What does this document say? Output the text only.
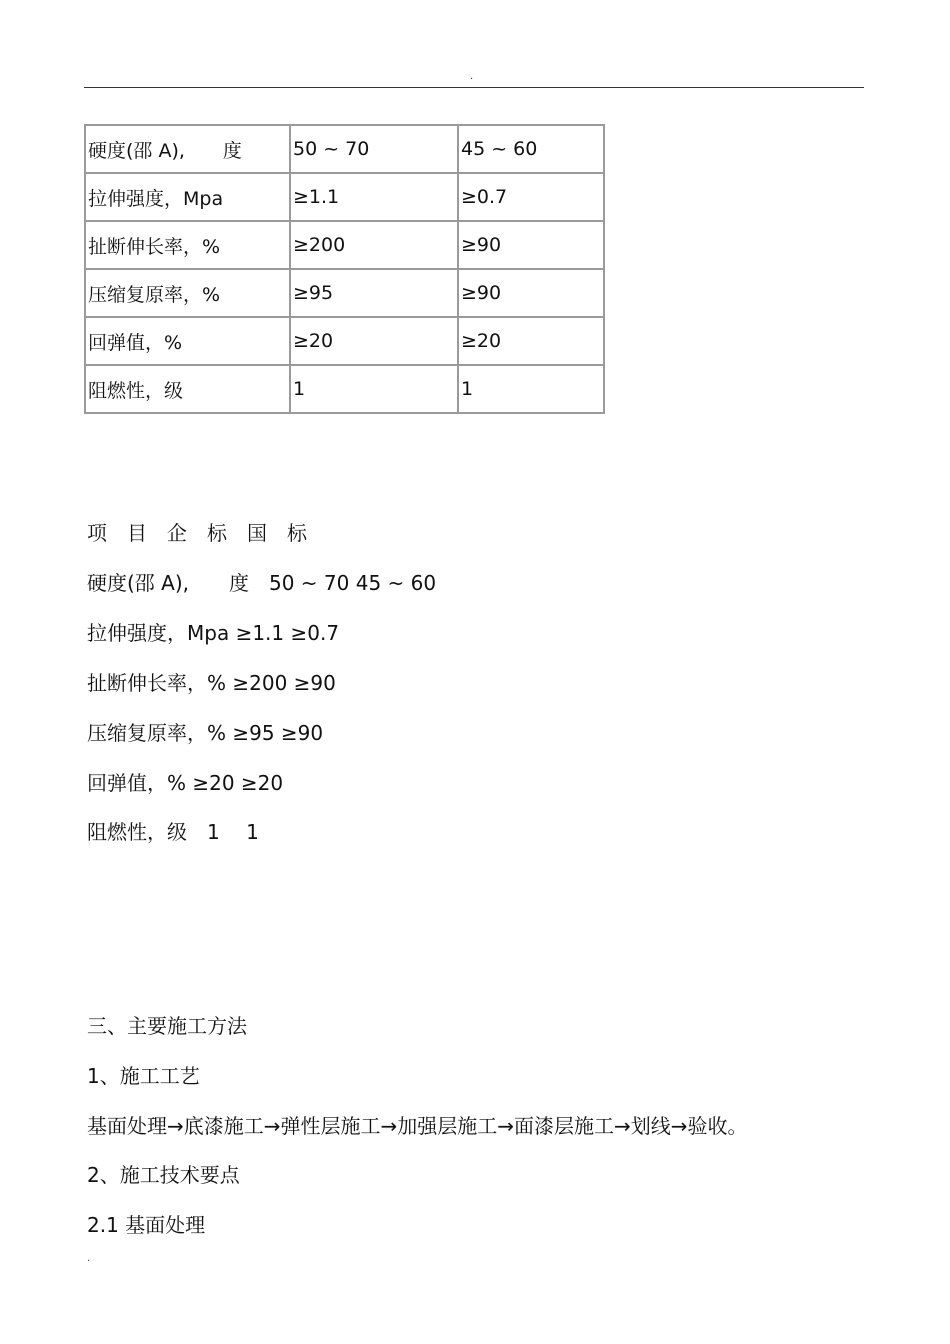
.
硬度(邵 A),　　度	50 ~ 70	45 ~ 60
拉伸强度，Mpa	≥1.1	≥0.7
扯断伸长率，%	≥200	≥90
压缩复原率，%	≥95	≥90
回弹值，%	≥20	≥20
阻燃性，级	1	1
项　目　企　标　国　标
硬度(邵 A),　　度　50 ~ 70 45 ~ 60
拉伸强度，Mpa ≥1.1 ≥0.7
扯断伸长率，% ≥200 ≥90
压缩复原率，% ≥95 ≥90
回弹值，% ≥20 ≥20
阻燃性，级　1　 1
三、主要施工方法
1、施工工艺
基面处理→底漆施工→弹性层施工→加强层施工→面漆层施工→划线→验收。
2、施工技术要点
2.1 基面处理
.
